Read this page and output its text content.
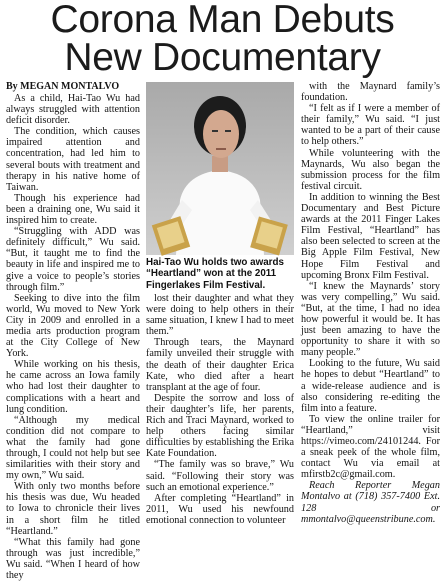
Corona Man Debuts
New Documentary

By MEGAN MONTALVO

As a child, Hai-Tao Wu had always struggled with attention deficit disorder.

The condition, which causes impaired attention and concentration, had led him to several bouts with treatment and therapy in his native home of Taiwan.

Though his experience had been a draining one, Wu said it inspired him to create.

“Struggling with ADD was definitely difficult,” Wu said. “But, it taught me to find the beauty in life and inspired me to give a voice to people’s stories through film.”

Seeking to dive into the film world, Wu moved to New York City in 2009 and enrolled in a media arts production program at the City College of New York.

While working on his thesis, he came across an Iowa family who had lost their daughter to complications with a heart and lung condition.

“Although my medical condition did not compare to what the family had gone through, I could not help but see similarities with their story and my own,” Wu said.

With only two months before his thesis was due, Wu headed to Iowa to chronicle their lives in a short film he titled “Heartland.”

“What this family had gone through was just incredible,” Wu said. “When I heard of how they

Hai-Tao Wu holds two awards “Heartland” won at the 2011 Fingerlakes Film Festival.

lost their daughter and what they were doing to help others in their same situation, I knew I had to meet them.”

Through tears, the Maynard family unveiled their struggle with the death of their daughter Erica Kate, who died after a heart transplant at the age of four.

Despite the sorrow and loss of their daughter’s life, her parents, Rich and Traci Maynard, worked to help others facing similar difficulties by establishing the Erika Kate Foundation.

“The family was so brave,” Wu said. “Following their story was such an emotional experience.”

After completing “Heartland” in 2011, Wu used his newfound emotional connection to volunteer

with the Maynard family’s foundation.

“I felt as if I were a member of their family,” Wu said. “I just wanted to be a part of their cause to help others.”

While volunteering with the Maynards, Wu also began the submission process for the film festival circuit.

In addition to winning the Best Documentary and Best Picture awards at the 2011 Finger Lakes Film Festival, “Heartland” has also been selected to screen at the Big Apple Film Festival, New Hope Film Festival and upcoming Bronx Film Festival.

“I knew the Maynards’ story was very compelling,” Wu said. “But, at the time, I had no idea how powerful it would be. It has just been amazing to have the opportunity to share it with so many people.”

Looking to the future, Wu said he hopes to debut “Heartland” to a wide-release audience and is also considering re-editing the film into a feature.

To view the online trailer for “Heartland,” visit https://vimeo.com/24101244. For a sneak peek of the whole film, contact Wu via email at mfirstb2c@gmail.com.

Reach Reporter Megan Montalvo at (718) 357-7400 Ext. 128 or mmontalvo@queenstribune.com.
